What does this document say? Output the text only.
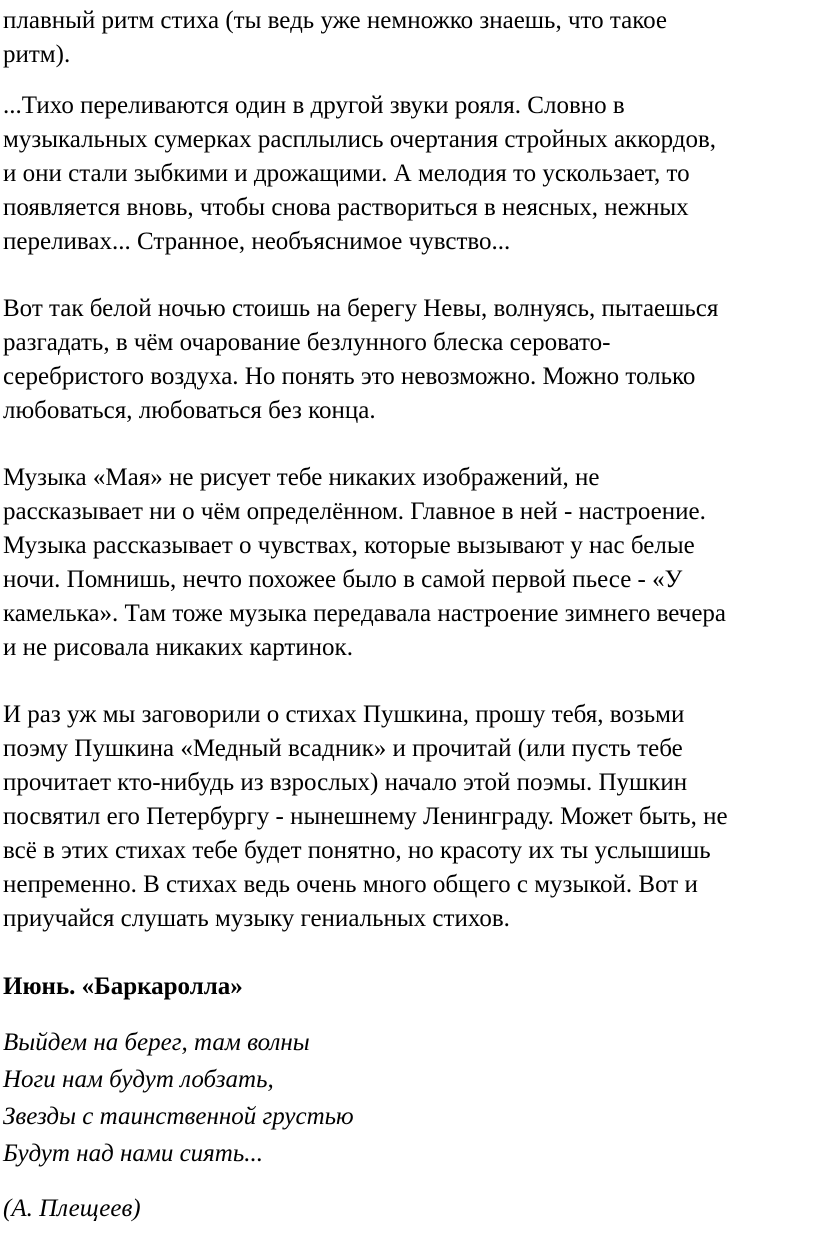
плавный ритм стиха (ты ведь уже немножко знаешь, что такое
ритм).

...Тихо переливаются один в другой звуки рояля. Словно в
музыкальных сумерках расплылись очертания стройных аккордов,
и они стали зыбкими и дрожащими. А мелодия то ускользает, то
появляется вновь, чтобы снова раствориться в неясных, нежных
переливах... Странное, необъяснимое чувство...

Вот так белой ночью стоишь на берегу Невы, волнуясь, пытаешься
разгадать, в чём очарование безлунного блеска серовато-
серебристого воздуха. Но понять это невозможно. Можно только
любоваться, любоваться без конца.

Музыка «Мая» не рисует тебе никаких изображений, не
рассказывает ни о чём определённом. Главное в ней - настроение.
Музыка рассказывает о чувствах, которые вызывают у нас белые
ночи. Помнишь, нечто похожее было в самой первой пьесе - «У
камелька». Там тоже музыка передавала настроение зимнего вечера
и не рисовала никаких картинок.

И раз уж мы заговорили о стихах Пушкина, прошу тебя, возьми
поэму Пушкина «Медный всадник» и прочитай (или пусть тебе
прочитает кто-нибудь из взрослых) начало этой поэмы. Пушкин
посвятил его Петербургу - нынешнему Ленинграду. Может быть, не
всё в этих стихах тебе будет понятно, но красоту их ты услышишь
непременно. В стихах ведь очень много общего с музыкой. Вот и
приучайся слушать музыку гениальных стихов.

Июнь. «Баркаролла»

Выйдем на берег, там волны
Ноги нам будут лобзать,
Звезды с таинственной грустью
Будут над нами сиять...

(А. Плещеев)
